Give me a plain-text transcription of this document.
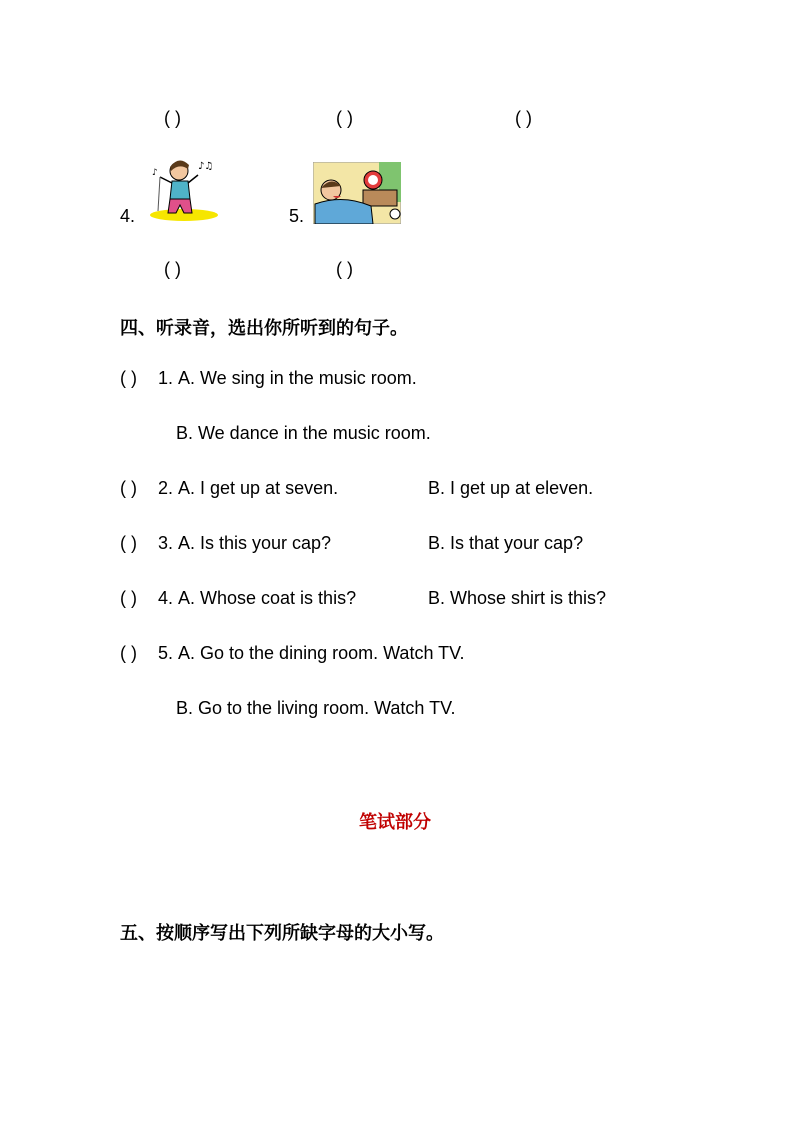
( )	( )	( )
4.
♪♫
♪
5.
( )	( )
四、听录音，选出你所听到的句子。
( ) 1. A. We sing in the music room.
B. We dance in the music room.
( ) 2. A. I get up at seven.	B. I get up at eleven.
( ) 3. A. Is this your cap?	B. Is that your cap?
( ) 4. A. Whose coat is this?	B. Whose shirt is this?
( ) 5. A. Go to the dining room. Watch TV.
B. Go to the living room. Watch TV.
笔试部分
五、按顺序写出下列所缺字母的大小写。
